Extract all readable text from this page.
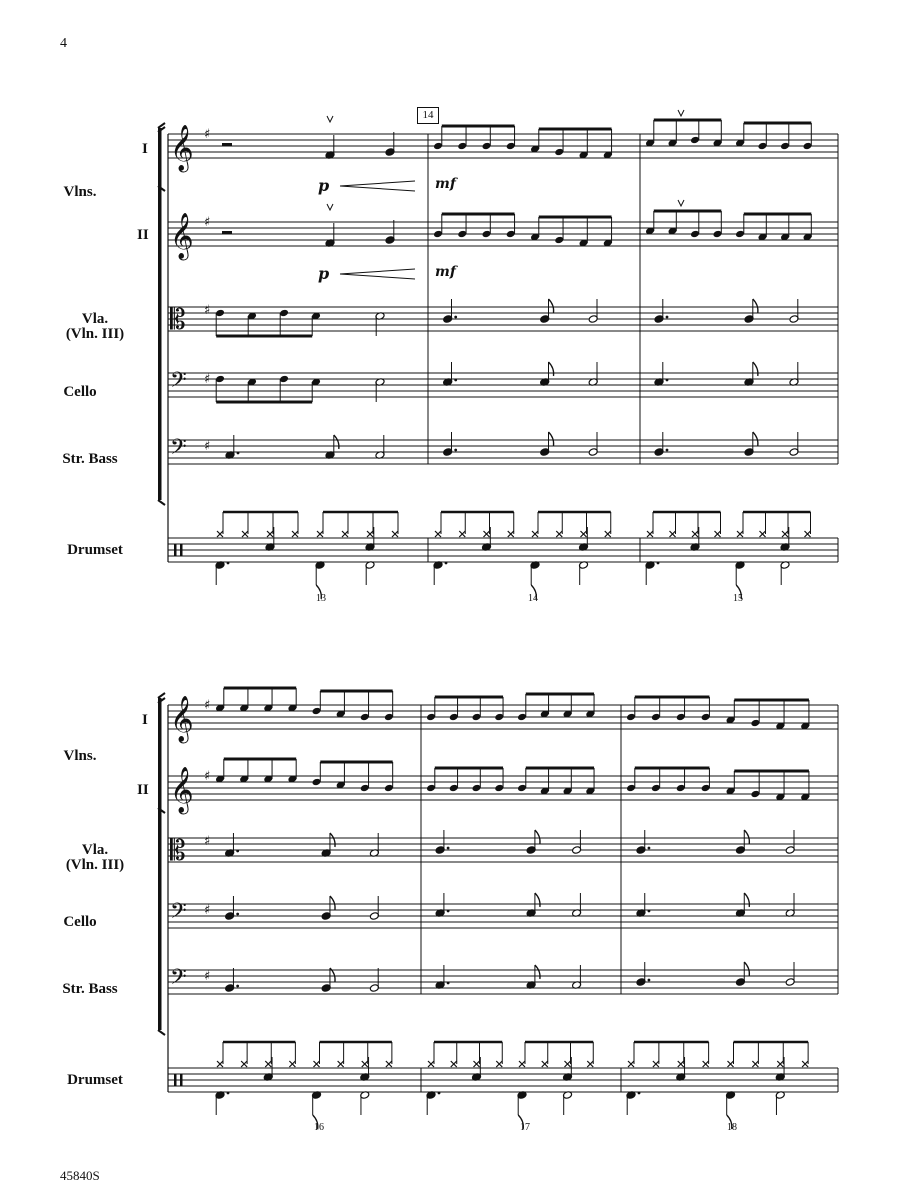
4
45840S
Vlns.
I
II
Vla.
(Vln. III)
Cello
Str. Bass
Drumset
Vlns.
I
II
Vla.
(Vln. III)
Cello
Str. Bass
Drumset
14
13	14	15
16	17	18
p	mf
p	mf
𝄞 ♯
𝄞 ♯
𝄡 ♯
𝄢 ♯
𝄢 ♯
𝄞 ♯
𝄞 ♯
𝄡 ♯
𝄢 ♯
𝄢 ♯
